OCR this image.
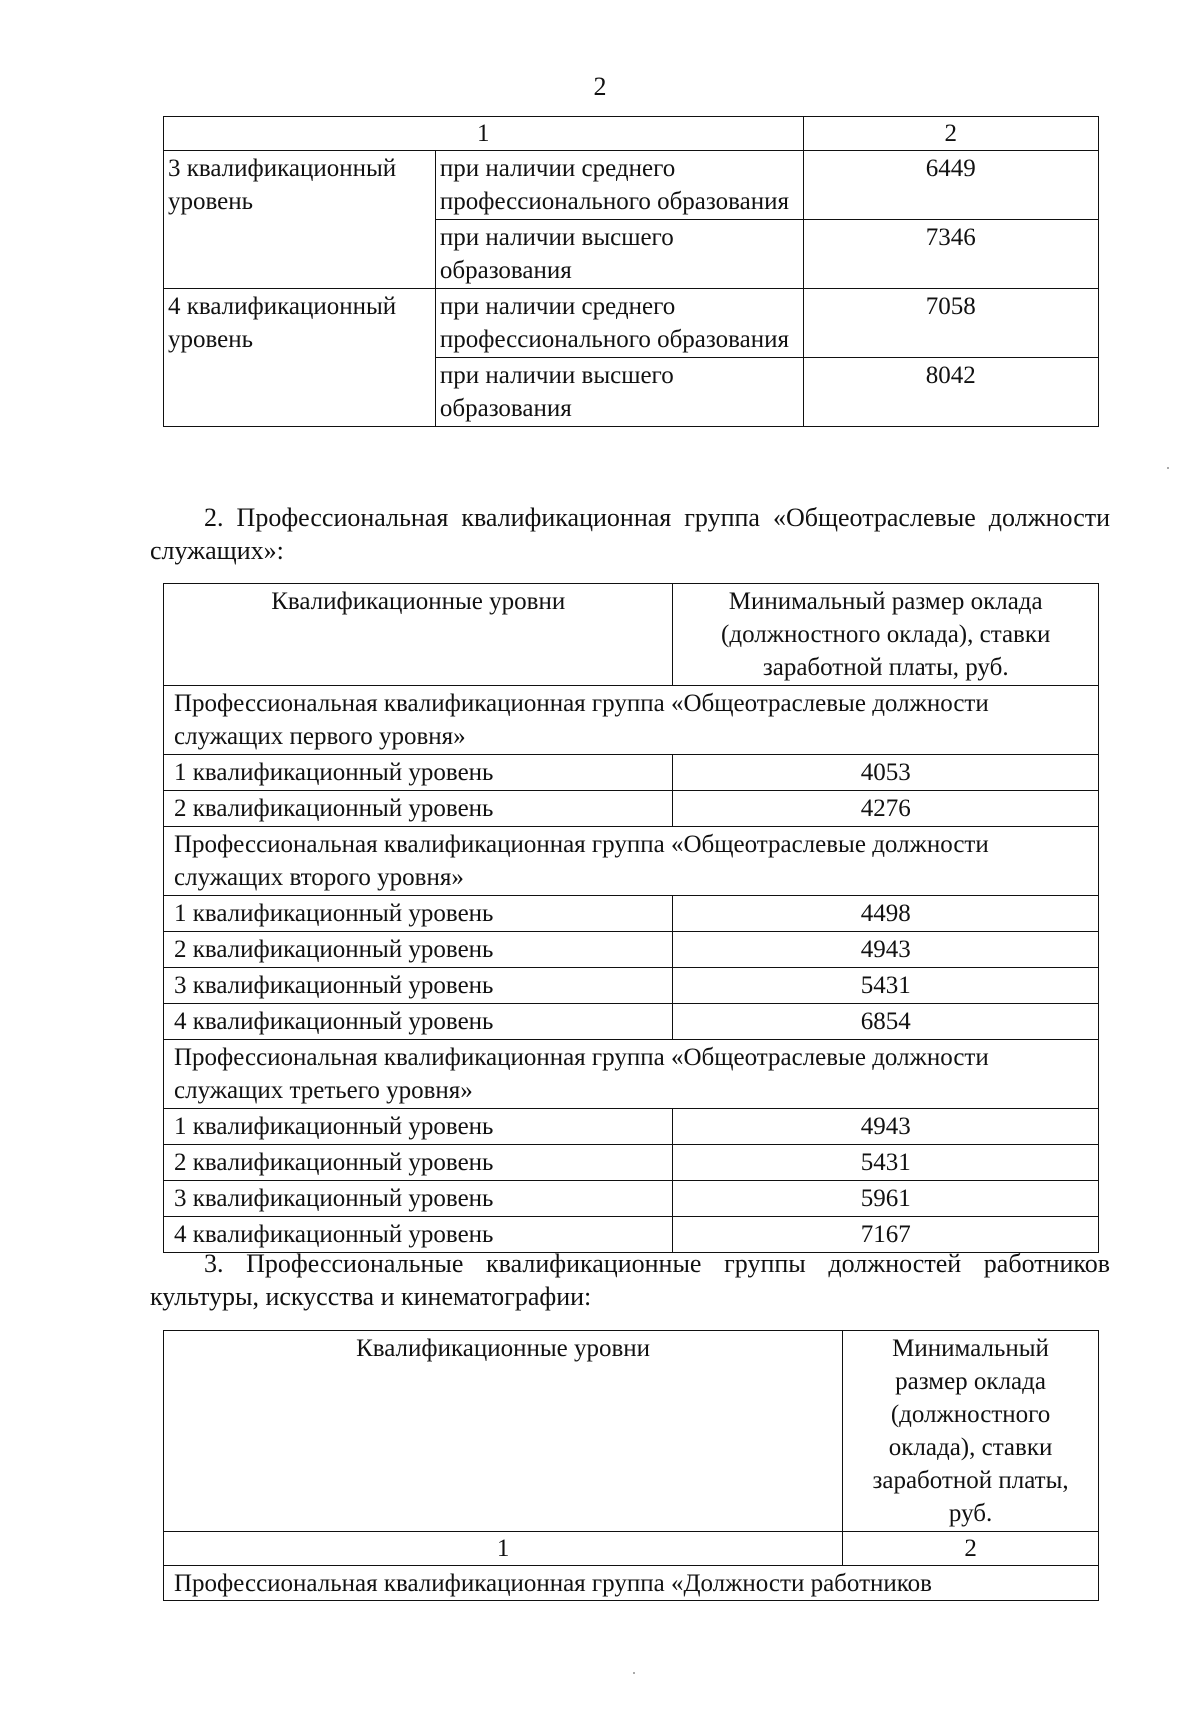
2
1		2
3 квалификационный уровень	при наличии среднего профессионального образования	6449
	при наличии высшего образования	7346
4 квалификационный уровень	при наличии среднего профессионального образования	7058
	при наличии высшего образования	8042
2. Профессиональная квалификационная группа «Общеотраслевые должности служащих»:
Квалификационные уровни	Минимальный размер оклада (должностного оклада), ставки заработной платы, руб.
Профессиональная квалификационная группа «Общеотраслевые должности служащих первого уровня»	
1 квалификационный уровень	4053
2 квалификационный уровень	4276
Профессиональная квалификационная группа «Общеотраслевые должности служащих второго уровня»	
1 квалификационный уровень	4498
2 квалификационный уровень	4943
3 квалификационный уровень	5431
4 квалификационный уровень	6854
Профессиональная квалификационная группа «Общеотраслевые должности служащих третьего уровня»	
1 квалификационный уровень	4943
2 квалификационный уровень	5431
3 квалификационный уровень	5961
4 квалификационный уровень	7167
3. Профессиональные квалификационные группы должностей работников культуры, искусства и кинематографии:
Квалификационные уровни	Минимальный размер оклада (должностного оклада), ставки заработной платы, руб.
1	2
Профессиональная квалификационная группа «Должности работников	
